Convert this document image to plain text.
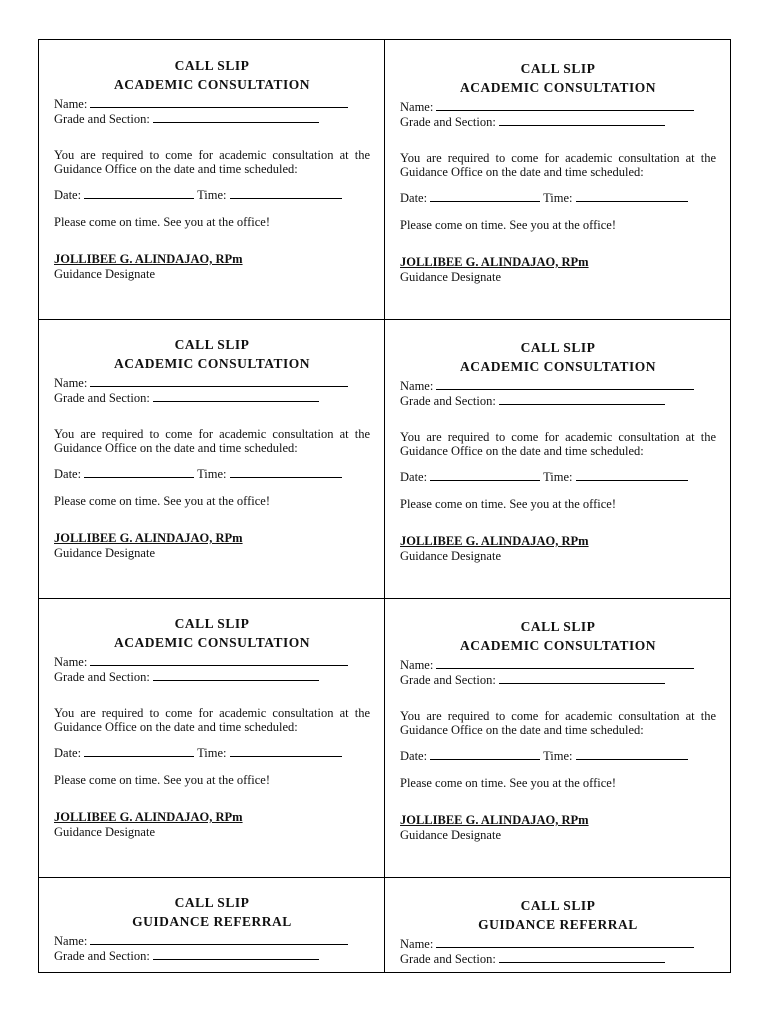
CALL SLIP
ACADEMIC CONSULTATION
Name:
Grade and Section:
You are required to come for academic consultation at the Guidance Office on the date and time scheduled:
Date:	Time:
Please come on time. See you at the office!
JOLLIBEE G. ALINDAJAO, RPm
Guidance Designate
CALL SLIP
ACADEMIC CONSULTATION
Name:
Grade and Section:
You are required to come for academic consultation at the Guidance Office on the date and time scheduled:
Date:	Time:
Please come on time. See you at the office!
JOLLIBEE G. ALINDAJAO, RPm
Guidance Designate
CALL SLIP
ACADEMIC CONSULTATION
Name:
Grade and Section:
You are required to come for academic consultation at the Guidance Office on the date and time scheduled:
Date:	Time:
Please come on time. See you at the office!
JOLLIBEE G. ALINDAJAO, RPm
Guidance Designate
CALL SLIP
ACADEMIC CONSULTATION
Name:
Grade and Section:
You are required to come for academic consultation at the Guidance Office on the date and time scheduled:
Date:	Time:
Please come on time. See you at the office!
JOLLIBEE G. ALINDAJAO, RPm
Guidance Designate
CALL SLIP
ACADEMIC CONSULTATION
Name:
Grade and Section:
You are required to come for academic consultation at the Guidance Office on the date and time scheduled:
Date:	Time:
Please come on time. See you at the office!
JOLLIBEE G. ALINDAJAO, RPm
Guidance Designate
CALL SLIP
ACADEMIC CONSULTATION
Name:
Grade and Section:
You are required to come for academic consultation at the Guidance Office on the date and time scheduled:
Date:	Time:
Please come on time. See you at the office!
JOLLIBEE G. ALINDAJAO, RPm
Guidance Designate
CALL SLIP
GUIDANCE REFERRAL
Name:
Grade and Section:
CALL SLIP
GUIDANCE REFERRAL
Name:
Grade and Section:
